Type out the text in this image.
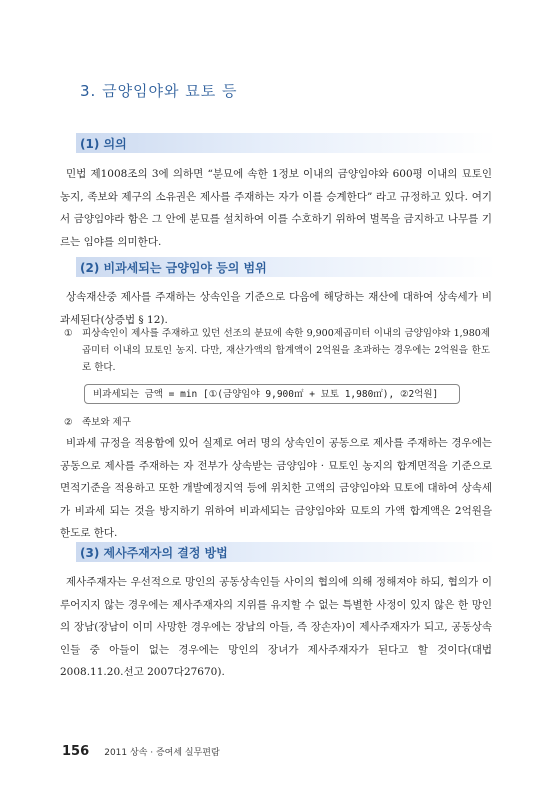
3. 금양임야와 묘토 등
(1) 의의

민법 제1008조의 3에 의하면 “분묘에 속한 1정보 이내의 금양임야와 600평 이내의 묘토인 농지, 족보와 제구의 소유권은 제사를 주재하는 자가 이를 승계한다” 라고 규정하고 있다. 여기서 금양임야라 함은 그 안에 분묘를 설치하여 이를 수호하기 위하여 벌목을 금지하고 나무를 기르는 임야를 의미한다.

(2) 비과세되는 금양임야 등의 범위

상속재산중 제사를 주재하는 상속인을 기준으로 다음에 해당하는 재산에 대하여 상속세가 비과세된다(상증법 § 12).

① 피상속인이 제사를 주재하고 있던 선조의 분묘에 속한 9,900제곱미터 이내의 금양임야와 1,980제곱미터 이내의 묘토인 농지. 다만, 재산가액의 합계액이 2억원을 초과하는 경우에는 2억원을 한도로 한다.
비과세되는 금액 = min [①(금양임야 9,900㎡ + 묘토 1,980㎡), ②2억원]
② 족보와 제구

비과세 규정을 적용함에 있어 실제로 여러 명의 상속인이 공동으로 제사를 주재하는 경우에는 공동으로 제사를 주재하는 자 전부가 상속받는 금양임야 · 묘토인 농지의 합계면적을 기준으로 면적기준을 적용하고 또한 개발예정지역 등에 위치한 고액의 금양임야와 묘토에 대하여 상속세가 비과세 되는 것을 방지하기 위하여 비과세되는 금양임야와 묘토의 가액 합계액은 2억원을 한도로 한다.

(3) 제사주재자의 결정 방법

제사주재자는 우선적으로 망인의 공동상속인들 사이의 협의에 의해 정해져야 하되, 협의가 이루어지지 않는 경우에는 제사주재자의 지위를 유지할 수 없는 특별한 사정이 있지 않은 한 망인의 장남(장남이 이미 사망한 경우에는 장남의 아들, 즉 장손자)이 제사주재자가 되고, 공동상속인들 중 아들이 없는 경우에는 망인의 장녀가 제사주재자가 된다고 할 것이다(대법 2008.11.20.선고 2007다27670).

156 2011 상속 · 증여세 실무편람
